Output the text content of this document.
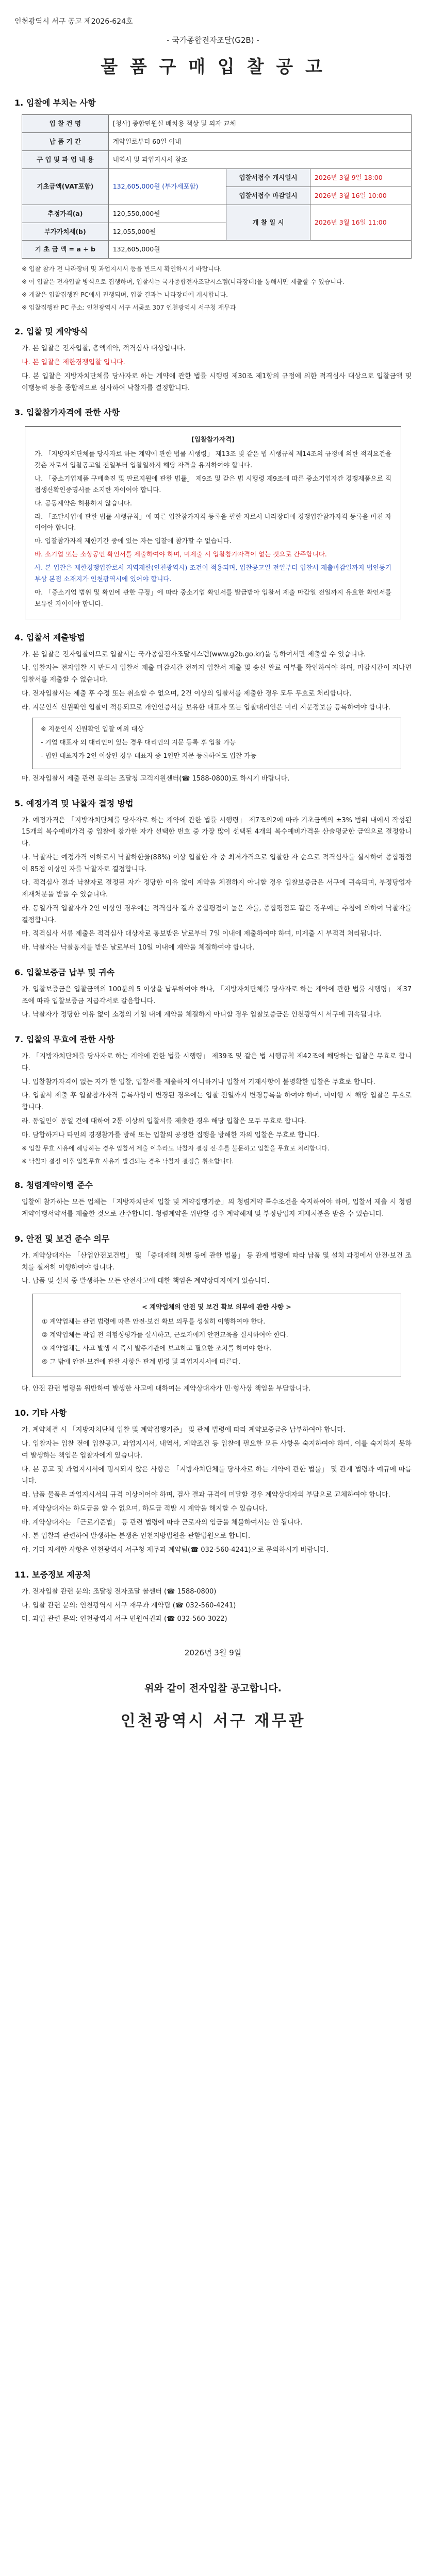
인천광역시 서구 공고 제2026-624호
- 국가종합전자조달(G2B) -
물 품 구 매 입 찰 공 고
1. 입찰에 부치는 사항
입 찰 건 명	[청사] 종합민원실 배치용 책상 및 의자 교체		
납 품 기 간	계약일로부터 60일 이내		
구 입 및 과 업 내 용	내역서 및 과업지시서 참조		
기초금액(VAT포함)	132,605,000원 (부가세포함)	입찰서접수 개시일시	2026년 3월 9일 18:00
		입찰서접수 마감일시	2026년 3월 16일 10:00
추정가격(a)	120,550,000원	개 찰 일 시	2026년 3월 16일 11:00
부가가치세(b)	12,055,000원		
기 초 금 액 = a + b	132,605,000원		

※ 입찰 참가 전 나라장터 및 과업지시서 등을 반드시 확인하시기 바랍니다.

※ 이 입찰은 전자입찰 방식으로 집행하며, 입찰서는 국가종합전자조달시스템(나라장터)을 통해서만 제출할 수 있습니다.

※ 개찰은 입찰집행관 PC에서 진행되며, 입찰 결과는 나라장터에 게시합니다.

※ 입찰집행관 PC 주소: 인천광역시 서구 서곶로 307 인천광역시 서구청 재무과

2. 입찰 및 계약방식

가. 본 입찰은 전자입찰, 총액계약, 적격심사 대상입니다.

나. 본 입찰은 제한경쟁입찰 입니다.

다. 본 입찰은 지방자치단체를 당사자로 하는 계약에 관한 법률 시행령 제30조 제1항의 규정에 의한 적격심사 대상으로 입찰금액 및 이행능력 등을 종합적으로 심사하여 낙찰자를 결정합니다.

3. 입찰참가자격에 관한 사항
[입찰참가자격]

가. 「지방자치단체를 당사자로 하는 계약에 관한 법률 시행령」 제13조 및 같은 법 시행규칙 제14조의 규정에 의한 적격요건을 갖춘 자로서 입찰공고일 전일부터 입찰일까지 해당 자격을 유지하여야 합니다.

나. 「중소기업제품 구매촉진 및 판로지원에 관한 법률」 제9조 및 같은 법 시행령 제9조에 따른 중소기업자간 경쟁제품으로 직접생산확인증명서를 소지한 자이어야 합니다.

다. 공동계약은 허용하지 않습니다.

라. 「조달사업에 관한 법률 시행규칙」에 따른 입찰참가자격 등록을 필한 자로서 나라장터에 경쟁입찰참가자격 등록을 마친 자이어야 합니다.

마. 입찰참가자격 제한기간 중에 있는 자는 입찰에 참가할 수 없습니다.

바. 소기업 또는 소상공인 확인서를 제출하여야 하며, 미제출 시 입찰참가자격이 없는 것으로 간주합니다.

사. 본 입찰은 제한경쟁입찰로서 지역제한(인천광역시) 조건이 적용되며, 입찰공고일 전일부터 입찰서 제출마감일까지 법인등기부상 본점 소재지가 인천광역시에 있어야 합니다.

아. 「중소기업 범위 및 확인에 관한 규정」에 따라 중소기업 확인서를 발급받아 입찰서 제출 마감일 전일까지 유효한 확인서를 보유한 자이어야 합니다.

4. 입찰서 제출방법

가. 본 입찰은 전자입찰이므로 입찰서는 국가종합전자조달시스템(www.g2b.go.kr)을 통하여서만 제출할 수 있습니다.

나. 입찰자는 전자입찰 시 반드시 입찰서 제출 마감시간 전까지 입찰서 제출 및 송신 완료 여부를 확인하여야 하며, 마감시간이 지나면 입찰서를 제출할 수 없습니다.

다. 전자입찰서는 제출 후 수정 또는 취소할 수 없으며, 2건 이상의 입찰서를 제출한 경우 모두 무효로 처리합니다.

라. 지문인식 신원확인 입찰이 적용되므로 개인인증서를 보유한 대표자 또는 입찰대리인은 미리 지문정보를 등록하여야 합니다.

※ 지문인식 신원확인 입찰 예외 대상

- 기업 대표자 외 대리인이 있는 경우 대리인의 지문 등록 후 입찰 가능

- 법인 대표자가 2인 이상인 경우 대표자 중 1인만 지문 등록하여도 입찰 가능

마. 전자입찰서 제출 관련 문의는 조달청 고객지원센터(☎ 1588-0800)로 하시기 바랍니다.

5. 예정가격 및 낙찰자 결정 방법

가. 예정가격은 「지방자치단체를 당사자로 하는 계약에 관한 법률 시행령」 제7조의2에 따라 기초금액의 ±3% 범위 내에서 작성된 15개의 복수예비가격 중 입찰에 참가한 자가 선택한 번호 중 가장 많이 선택된 4개의 복수예비가격을 산술평균한 금액으로 결정합니다.

나. 낙찰자는 예정가격 이하로서 낙찰하한율(88%) 이상 입찰한 자 중 최저가격으로 입찰한 자 순으로 적격심사를 실시하여 종합평점이 85점 이상인 자를 낙찰자로 결정합니다.

다. 적격심사 결과 낙찰자로 결정된 자가 정당한 이유 없이 계약을 체결하지 아니할 경우 입찰보증금은 서구에 귀속되며, 부정당업자 제재처분을 받을 수 있습니다.

라. 동일가격 입찰자가 2인 이상인 경우에는 적격심사 결과 종합평점이 높은 자를, 종합평점도 같은 경우에는 추첨에 의하여 낙찰자를 결정합니다.

마. 적격심사 서류 제출은 적격심사 대상자로 통보받은 날로부터 7일 이내에 제출하여야 하며, 미제출 시 부적격 처리됩니다.

바. 낙찰자는 낙찰통지를 받은 날로부터 10일 이내에 계약을 체결하여야 합니다.

6. 입찰보증금 납부 및 귀속

가. 입찰보증금은 입찰금액의 100분의 5 이상을 납부하여야 하나, 「지방자치단체를 당사자로 하는 계약에 관한 법률 시행령」 제37조에 따라 입찰보증금 지급각서로 갈음합니다.

나. 낙찰자가 정당한 이유 없이 소정의 기일 내에 계약을 체결하지 아니할 경우 입찰보증금은 인천광역시 서구에 귀속됩니다.

7. 입찰의 무효에 관한 사항

가. 「지방자치단체를 당사자로 하는 계약에 관한 법률 시행령」 제39조 및 같은 법 시행규칙 제42조에 해당하는 입찰은 무효로 합니다.

나. 입찰참가자격이 없는 자가 한 입찰, 입찰서를 제출하지 아니하거나 입찰서 기재사항이 불명확한 입찰은 무효로 합니다.

다. 입찰서 제출 후 입찰참가자격 등록사항이 변경된 경우에는 입찰 전일까지 변경등록을 하여야 하며, 미이행 시 해당 입찰은 무효로 합니다.

라. 동일인이 동일 건에 대하여 2통 이상의 입찰서를 제출한 경우 해당 입찰은 모두 무효로 합니다.

마. 담합하거나 타인의 경쟁참가를 방해 또는 입찰의 공정한 집행을 방해한 자의 입찰은 무효로 합니다.

※ 입찰 무효 사유에 해당하는 경우 입찰서 제출 이후라도 낙찰자 결정 전·후를 불문하고 입찰을 무효로 처리합니다.

※ 낙찰자 결정 이후 입찰무효 사유가 발견되는 경우 낙찰자 결정을 취소합니다.

8. 청렴계약이행 준수

입찰에 참가하는 모든 업체는 「지방자치단체 입찰 및 계약집행기준」의 청렴계약 특수조건을 숙지하여야 하며, 입찰서 제출 시 청렴계약이행서약서를 제출한 것으로 간주합니다. 청렴계약을 위반할 경우 계약해제 및 부정당업자 제재처분을 받을 수 있습니다.

9. 안전 및 보건 준수 의무

가. 계약상대자는 「산업안전보건법」 및 「중대재해 처벌 등에 관한 법률」 등 관계 법령에 따라 납품 및 설치 과정에서 안전·보건 조치를 철저히 이행하여야 합니다.

나. 납품 및 설치 중 발생하는 모든 안전사고에 대한 책임은 계약상대자에게 있습니다.

< 계약업체의 안전 및 보건 확보 의무에 관한 사항 >

① 계약업체는 관련 법령에 따른 안전·보건 확보 의무를 성실히 이행하여야 한다.

② 계약업체는 작업 전 위험성평가를 실시하고, 근로자에게 안전교육을 실시하여야 한다.

③ 계약업체는 사고 발생 시 즉시 발주기관에 보고하고 필요한 조치를 하여야 한다.

④ 그 밖에 안전·보건에 관한 사항은 관계 법령 및 과업지시서에 따른다.

다. 안전 관련 법령을 위반하여 발생한 사고에 대하여는 계약상대자가 민·형사상 책임을 부담합니다.

10. 기타 사항

가. 계약체결 시 「지방자치단체 입찰 및 계약집행기준」 및 관계 법령에 따라 계약보증금을 납부하여야 합니다.

나. 입찰자는 입찰 전에 입찰공고, 과업지시서, 내역서, 계약조건 등 입찰에 필요한 모든 사항을 숙지하여야 하며, 이를 숙지하지 못하여 발생하는 책임은 입찰자에게 있습니다.

다. 본 공고 및 과업지시서에 명시되지 않은 사항은 「지방자치단체를 당사자로 하는 계약에 관한 법률」 및 관계 법령과 예규에 따릅니다.

라. 납품 물품은 과업지시서의 규격 이상이어야 하며, 검사 결과 규격에 미달할 경우 계약상대자의 부담으로 교체하여야 합니다.

마. 계약상대자는 하도급을 할 수 없으며, 하도급 적발 시 계약을 해지할 수 있습니다.

바. 계약상대자는 「근로기준법」 등 관련 법령에 따라 근로자의 임금을 체불하여서는 안 됩니다.

사. 본 입찰과 관련하여 발생하는 분쟁은 인천지방법원을 관할법원으로 합니다.

아. 기타 자세한 사항은 인천광역시 서구청 재무과 계약팀(☎ 032-560-4241)으로 문의하시기 바랍니다.

11. 보증정보 제공처

가. 전자입찰 관련 문의: 조달청 전자조달 콜센터 (☎ 1588-0800)

나. 입찰 관련 문의: 인천광역시 서구 재무과 계약팀 (☎ 032-560-4241)

다. 과업 관련 문의: 인천광역시 서구 민원여권과 (☎ 032-560-3022)

2026년 3월 9일
위와 같이 전자입찰 공고합니다.
인천광역시 서구 재무관
